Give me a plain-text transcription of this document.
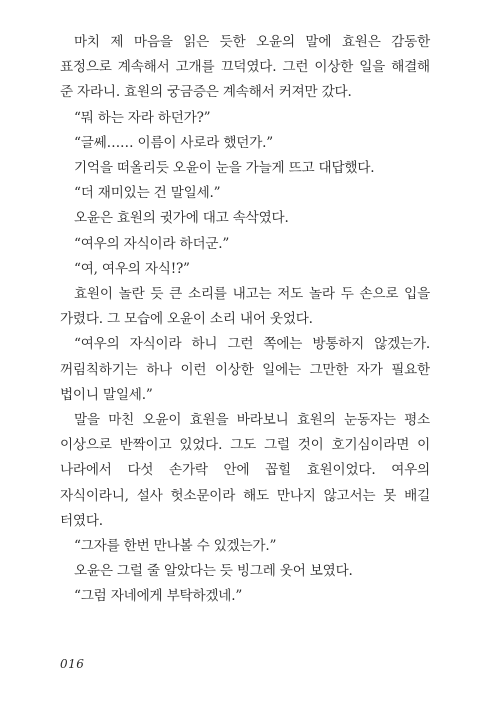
마치 제 마음을 읽은 듯한 오윤의 말에 효원은 감동한 표정으로 계속해서 고개를 끄덕였다. 그런 이상한 일을 해결해 준 자라니. 효원의 궁금증은 계속해서 커져만 갔다.

“뭐 하는 자라 하던가?”

“글쎄…… 이름이 사로라 했던가.”

기억을 떠올리듯 오윤이 눈을 가늘게 뜨고 대답했다.

“더 재미있는 건 말일세.”

오윤은 효원의 귓가에 대고 속삭였다.

“여우의 자식이라 하더군.”

“여, 여우의 자식!?”

효원이 놀란 듯 큰 소리를 내고는 저도 놀라 두 손으로 입을 가렸다. 그 모습에 오윤이 소리 내어 웃었다.

“여우의 자식이라 하니 그런 쪽에는 방통하지 않겠는가. 꺼림칙하기는 하나 이런 이상한 일에는 그만한 자가 필요한 법이니 말일세.”

말을 마친 오윤이 효원을 바라보니 효원의 눈동자는 평소 이상으로 반짝이고 있었다. 그도 그럴 것이 호기심이라면 이 나라에서 다섯 손가락 안에 꼽힐 효원이었다. 여우의 자식이라니, 설사 헛소문이라 해도 만나지 않고서는 못 배길 터였다.

“그자를 한번 만나볼 수 있겠는가.”

오윤은 그럴 줄 알았다는 듯 빙그레 웃어 보였다.

“그럼 자네에게 부탁하겠네.”

016
